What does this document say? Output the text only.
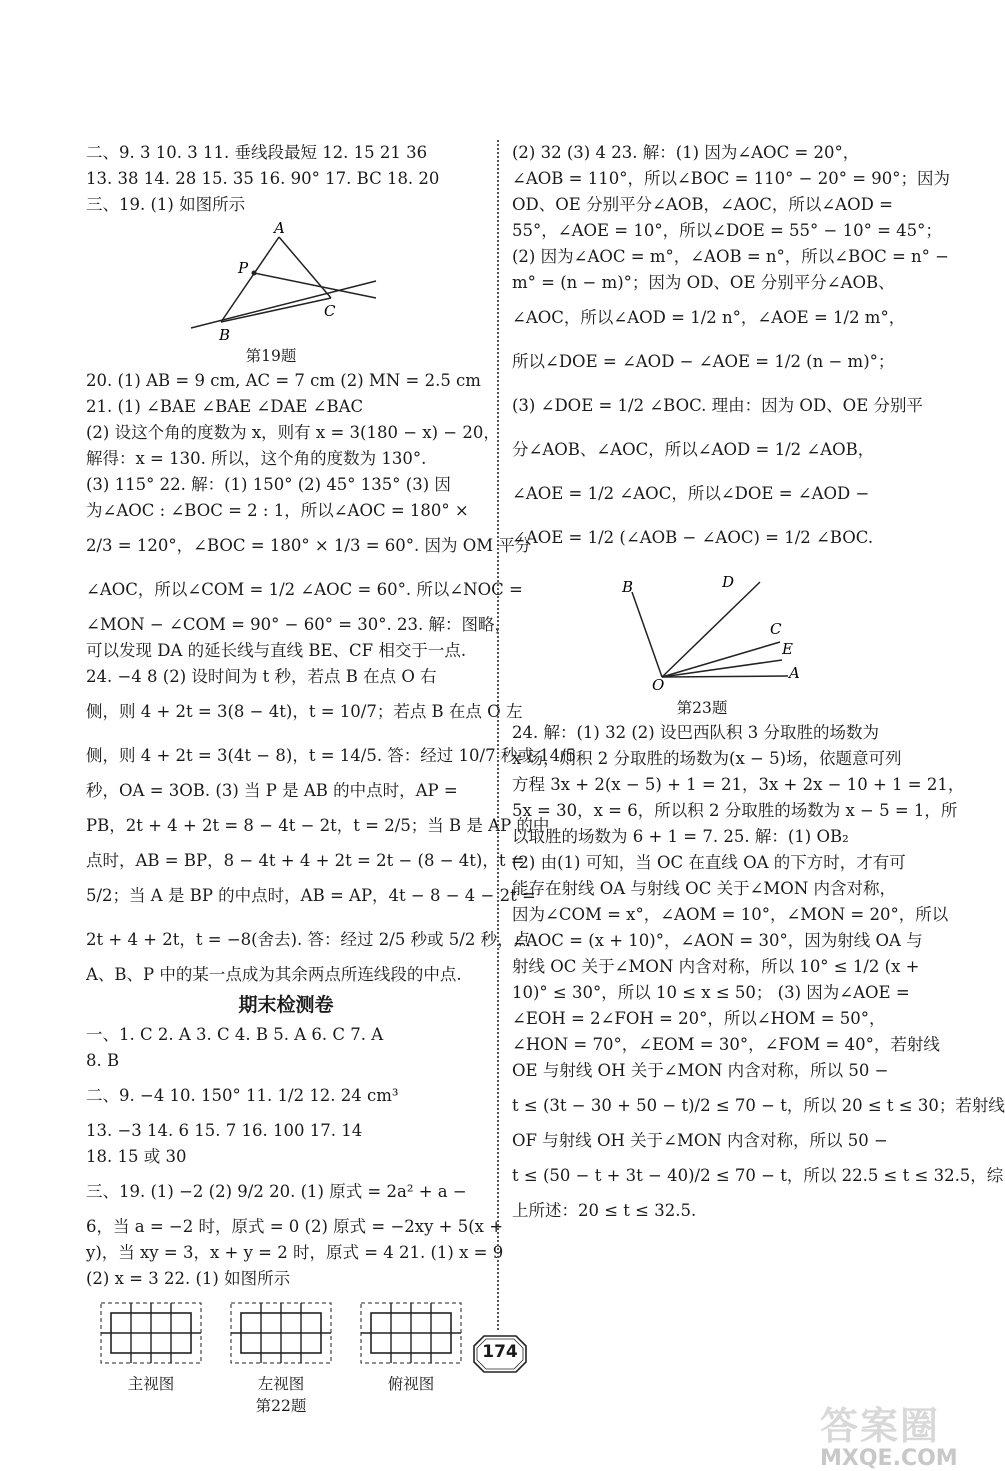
二、9. 3 10. 3 11. 垂线段最短 12. 15 21 36
13. 38 14. 28 15. 35 16. 90° 17. BC 18. 20
三、19. (1) 如图所示
A
P
C
B
第19题
20. (1) AB = 9 cm, AC = 7 cm (2) MN = 2.5 cm
21. (1) ∠BAE ∠BAE ∠DAE ∠BAC
(2) 设这个角的度数为 x，则有 x = 3(180 − x) − 20，
解得：x = 130. 所以，这个角的度数为 130°.
(3) 115° 22. 解：(1) 150° (2) 45° 135° (3) 因
为∠AOC : ∠BOC = 2 : 1，所以∠AOC = 180° ×
2/3 = 120°，∠BOC = 180° × 1/3 = 60°. 因为 OM 平分
∠AOC，所以∠COM = 1/2 ∠AOC = 60°. 所以∠NOC =
∠MON − ∠COM = 90° − 60° = 30°. 23. 解：图略，
可以发现 DA 的延长线与直线 BE、CF 相交于一点.
24. −4 8 (2) 设时间为 t 秒，若点 B 在点 O 右
侧，则 4 + 2t = 3(8 − 4t)，t = 10/7；若点 B 在点 O 左
侧，则 4 + 2t = 3(4t − 8)，t = 14/5. 答：经过 10/7 秒或 14/5
秒，OA = 3OB. (3) 当 P 是 AB 的中点时，AP =
PB，2t + 4 + 2t = 8 − 4t − 2t，t = 2/5；当 B 是 AP 的中
点时，AB = BP，8 − 4t + 4 + 2t = 2t − (8 − 4t)，t =
5/2；当 A 是 BP 的中点时，AB = AP，4t − 8 − 4 − 2t =
2t + 4 + 2t，t = −8(舍去). 答：经过 2/5 秒或 5/2 秒，点
A、B、P 中的某一点成为其余两点所连线段的中点.
期末检测卷
一、1. C 2. A 3. C 4. B 5. A 6. C 7. A
8. B
二、9. −4 10. 150° 11. 1/2 12. 24 cm³
13. −3 14. 6 15. 7 16. 100 17. 14
18. 15 或 30
三、19. (1) −2 (2) 9/2 20. (1) 原式 = 2a² + a −
6，当 a = −2 时，原式 = 0 (2) 原式 = −2xy + 5(x +
y)，当 xy = 3，x + y = 2 时，原式 = 4 21. (1) x = 9
(2) x = 3 22. (1) 如图所示
主视图	左视图	俯视图
第22题
(2) 32 (3) 4 23. 解：(1) 因为∠AOC = 20°，
∠AOB = 110°，所以∠BOC = 110° − 20° = 90°；因为
OD、OE 分别平分∠AOB，∠AOC，所以∠AOD =
55°，∠AOE = 10°，所以∠DOE = 55° − 10° = 45°；
(2) 因为∠AOC = m°，∠AOB = n°，所以∠BOC = n° −
m° = (n − m)°；因为 OD、OE 分别平分∠AOB、
∠AOC，所以∠AOD = 1/2 n°，∠AOE = 1/2 m°，
所以∠DOE = ∠AOD − ∠AOE = 1/2 (n − m)°；
(3) ∠DOE = 1/2 ∠BOC. 理由：因为 OD、OE 分别平
分∠AOB、∠AOC，所以∠AOD = 1/2 ∠AOB，
∠AOE = 1/2 ∠AOC，所以∠DOE = ∠AOD −
∠AOE = 1/2 (∠AOB − ∠AOC) = 1/2 ∠BOC.
B	D
C
E
A
O
第23题
24. 解：(1) 32 (2) 设巴西队积 3 分取胜的场数为
x 场，则积 2 分取胜的场数为(x − 5)场，依题意可列
方程 3x + 2(x − 5) + 1 = 21，3x + 2x − 10 + 1 = 21，
5x = 30，x = 6，所以积 2 分取胜的场数为 x − 5 = 1，所
以取胜的场数为 6 + 1 = 7. 25. 解：(1) OB₂
(2) 由(1) 可知，当 OC 在直线 OA 的下方时，才有可
能存在射线 OA 与射线 OC 关于∠MON 内含对称，
因为∠COM = x°，∠AOM = 10°，∠MON = 20°，所以
∠AOC = (x + 10)°，∠AON = 30°，因为射线 OA 与
射线 OC 关于∠MON 内含对称，所以 10° ≤ 1/2 (x +
10)° ≤ 30°，所以 10 ≤ x ≤ 50； (3) 因为∠AOE =
∠EOH = 2∠FOH = 20°，所以∠HOM = 50°，
∠HON = 70°，∠EOM = 30°，∠FOM = 40°，若射线
OE 与射线 OH 关于∠MON 内含对称，所以 50 −
t ≤ (3t − 30 + 50 − t)/2 ≤ 70 − t，所以 20 ≤ t ≤ 30；若射线
OF 与射线 OH 关于∠MON 内含对称，所以 50 −
t ≤ (50 − t + 3t − 40)/2 ≤ 70 − t，所以 22.5 ≤ t ≤ 32.5，综
上所述：20 ≤ t ≤ 32.5.
174
答案圈
MXQE.COM
